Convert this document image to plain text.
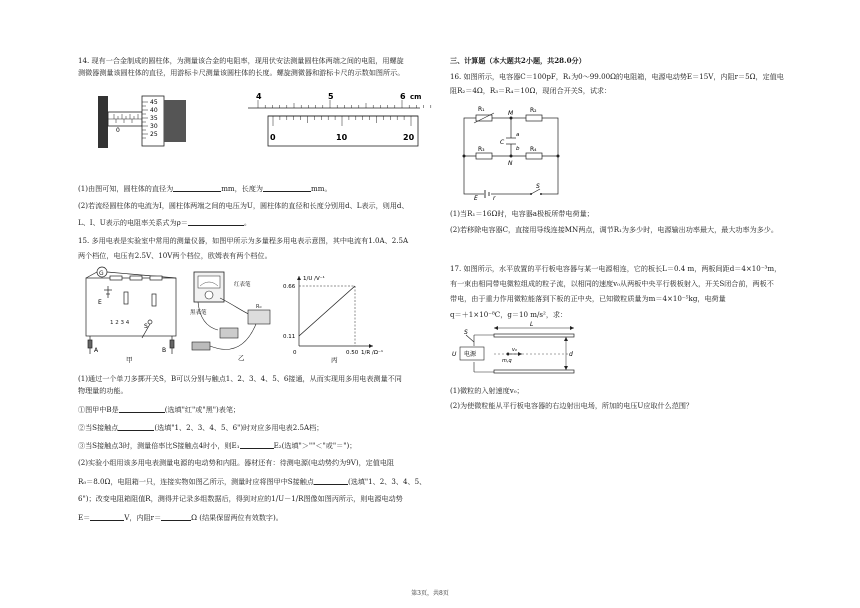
14. 现有一合金制成的圆柱体，为测量该合金的电阻率，现用伏安法测量圆柱体两端之间的电阻，用螺旋
测微器测量该圆柱体的直径，用游标卡尺测量该圆柱体的长度。螺旋测微器和游标卡尺的示数如图所示。
45
40
35
30
25
0
4	5	6 cm
0	10	20
(1)由图可知，圆柱体的直径为	mm，长度为	mm。
(2)若流经圆柱体的电流为I，圆柱体两端之间的电压为U，圆柱体的直径和长度分别用d、L表示，则用d、
L、I、U表示的电阻率关系式为ρ＝	。
15. 多用电表是实验室中常用的测量仪器，如图甲所示为多量程多用电表示意图，其中电流有1.0A、2.5A
两个档位，电压有2.5V、10V两个档位，欧姆表有两个档位。
G
1 2 3 4
E
S
A	B
甲
红表笔
黑表笔
R₀
乙
1/U /V⁻¹
0.66
0.11
0	0.50 1/R /Ω⁻¹
丙
(1)通过一个单刀多掷开关S，B可以分别与触点1、2、3、4、5、6接通，从而实现用多用电表测量不同
物理量的功能。
①图甲中B是	(选填"红"或"黑")表笔；
②当S接触点	(选填"1、2、3、4、5、6")时对应多用电表2.5A档；
③当S接触点3时，测量倍率比S接触点4时小，则E₁	E₂(选填"＞""＜"或"＝")；
(2)实验小组用该多用电表测量电源的电动势和内阻。器材还有：待测电源(电动势约为9V)，定值电阻
R₀＝8.0Ω，电阻箱一只，连接实物如图乙所示，测量时应将图甲中S接触点	(选填"1、2、3、4、5、
6")；改变电阻箱阻值R，测得并记录多组数据后，得到对应的1/U－1/R图像如图丙所示，则电源电动势
E＝	V，内阻r＝	Ω (结果保留两位有效数字)。
三、计算题（本大题共2小题，共28.0分）
16. 如图所示，电容器C＝100pF，R₁为0～99.00Ω的电阻箱，电源电动势E＝15V，内阻r＝5Ω，定值电
阻R₂＝4Ω，R₃＝R₄＝10Ω，现闭合开关S，试求：
R₁	R₂
R₃	R₄
M
N
C
a
b
E	r
S
(1)当R₁＝16Ω时，电容器a极板所带电荷量；
(2)若移除电容器C，直接用导线连接MN两点，调节R₁为多少时，电源输出功率最大，最大功率为多少。
17. 如图所示，水平放置的平行板电容器与某一电源相连，它的板长L＝0.4 m，两板间距d＝4×10⁻³m，
有一束由相同带电微粒组成的粒子流，以相同的速度v₀从两板中央平行极板射入，开关S闭合前，两板不
带电，由于重力作用微粒能落到下板的正中央，已知微粒质量为m＝4×10⁻⁵kg，电荷量
q＝＋1×10⁻⁸C，g＝10 m/s²，求：
L
d
v₀
m,q
电源
U
S
(1)微粒的入射速度v₀；
(2)为使微粒能从平行板电容器的右边射出电场，所加的电压U应取什么范围？
第3页，共8页
